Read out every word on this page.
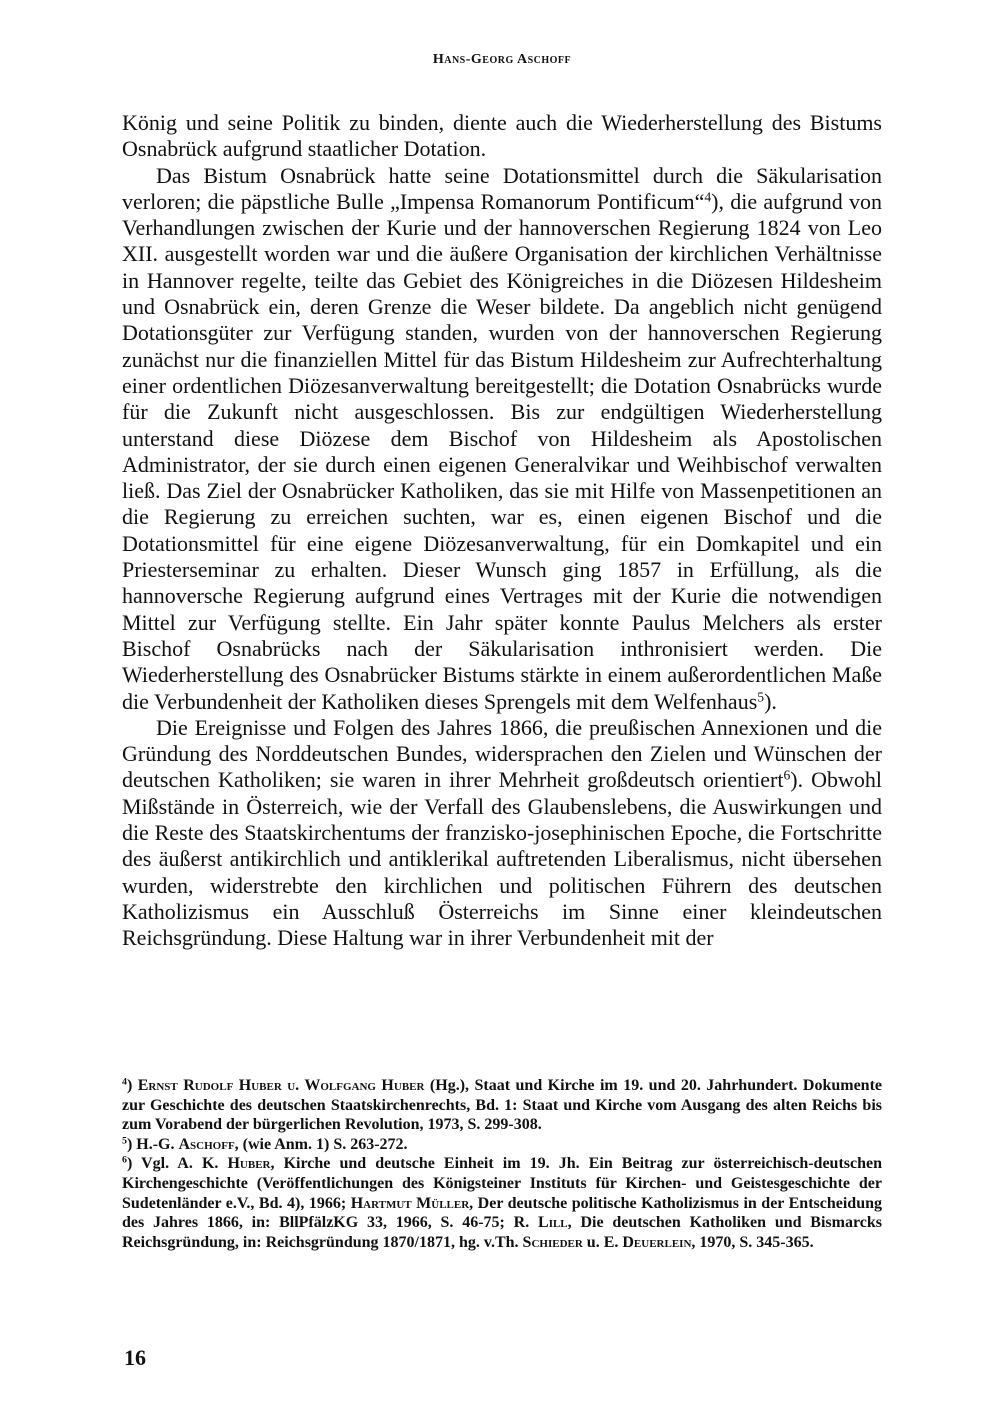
Hans-Georg Aschoff

König und seine Politik zu binden, diente auch die Wiederherstellung des Bistums Osnabrück aufgrund staatlicher Dotation.

Das Bistum Osnabrück hatte seine Dotationsmittel durch die Säkularisation verloren; die päpstliche Bulle „Impensa Romanorum Pontificum“$^4$), die aufgrund von Verhandlungen zwischen der Kurie und der hannoverschen Regierung 1824 von Leo XII. ausgestellt worden war und die äußere Organisation der kirchlichen Verhältnisse in Hannover regelte, teilte das Gebiet des Königreiches in die Diözesen Hildesheim und Osnabrück ein, deren Grenze die Weser bildete. Da angeblich nicht genügend Dotationsgüter zur Verfügung standen, wurden von der hannoverschen Regierung zunächst nur die finanziellen Mittel für das Bistum Hildesheim zur Aufrechterhaltung einer ordentlichen Diözesanverwaltung bereitgestellt; die Dotation Osnabrücks wurde für die Zukunft nicht ausgeschlossen. Bis zur endgültigen Wiederherstellung unterstand diese Diözese dem Bischof von Hildesheim als Apostolischen Administrator, der sie durch einen eigenen Generalvikar und Weihbischof verwalten ließ. Das Ziel der Osnabrücker Katholiken, das sie mit Hilfe von Massenpetitionen an die Regierung zu erreichen suchten, war es, einen eigenen Bischof und die Dotationsmittel für eine eigene Diözesanverwaltung, für ein Domkapitel und ein Priesterseminar zu erhalten. Dieser Wunsch ging 1857 in Erfüllung, als die hannoversche Regierung aufgrund eines Vertrages mit der Kurie die notwendigen Mittel zur Verfügung stellte. Ein Jahr später konnte Paulus Melchers als erster Bischof Osnabrücks nach der Säkularisation inthronisiert werden. Die Wiederherstellung des Osnabrücker Bistums stärkte in einem außerordentlichen Maße die Verbundenheit der Katholiken dieses Sprengels mit dem Welfenhaus$^5$).

Die Ereignisse und Folgen des Jahres 1866, die preußischen Annexionen und die Gründung des Norddeutschen Bundes, widersprachen den Zielen und Wünschen der deutschen Katholiken; sie waren in ihrer Mehrheit großdeutsch orientiert$^6$). Obwohl Mißstände in Österreich, wie der Verfall des Glaubenslebens, die Auswirkungen und die Reste des Staatskirchentums der franzisko-josephinischen Epoche, die Fortschritte des äußerst antikirchlich und antiklerikal auftretenden Liberalismus, nicht übersehen wurden, widerstrebte den kirchlichen und politischen Führern des deutschen Katholizismus ein Ausschluß Österreichs im Sinne einer kleindeutschen Reichsgründung. Diese Haltung war in ihrer Verbundenheit mit der

$^4$) Ernst Rudolf Huber u. Wolfgang Huber (Hg.), Staat und Kirche im 19. und 20. Jahrhundert. Dokumente zur Geschichte des deutschen Staatskirchenrechts, Bd. 1: Staat und Kirche vom Ausgang des alten Reichs bis zum Vorabend der bürgerlichen Revolution, 1973, S. 299-308.

$^5$) H.-G. Aschoff, (wie Anm. 1) S. 263-272.

$^6$) Vgl. A. K. Huber, Kirche und deutsche Einheit im 19. Jh. Ein Beitrag zur österreichisch-deutschen Kirchengeschichte (Veröffentlichungen des Königsteiner Instituts für Kirchen- und Geistesgeschichte der Sudetenländer e.V., Bd. 4), 1966; Hartmut Müller, Der deutsche politische Katholizismus in der Entscheidung des Jahres 1866, in: BllPfälzKG 33, 1966, S. 46-75; R. Lill, Die deutschen Katholiken und Bismarcks Reichsgründung, in: Reichsgründung 1870/1871, hg. v.Th. Schieder u. E. Deuerlein, 1970, S. 345-365.

16
